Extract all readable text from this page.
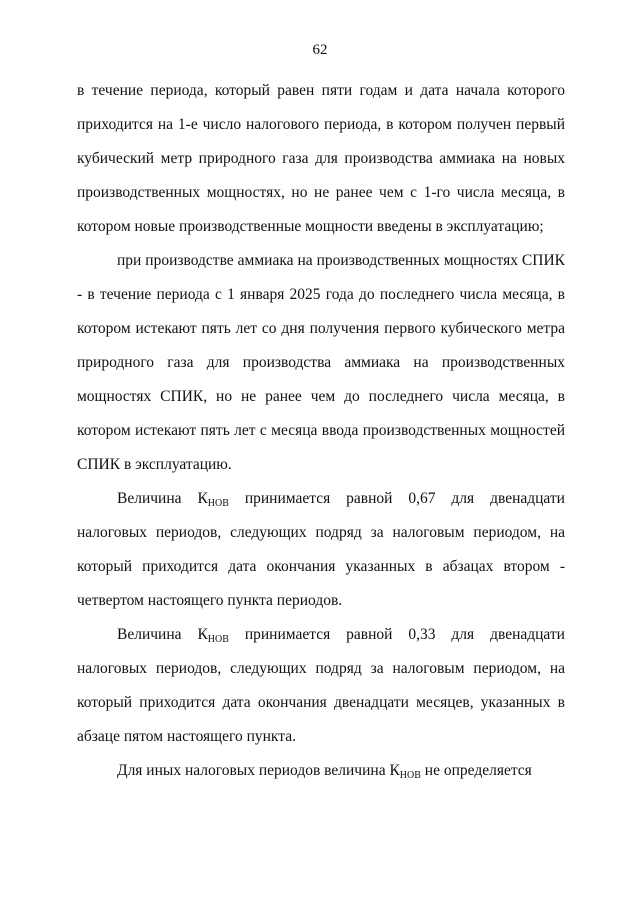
62

в течение периода, который равен пяти годам и дата начала которого приходится на 1-е число налогового периода, в котором получен первый кубический метр природного газа для производства аммиака на новых производственных мощностях, но не ранее чем с 1-го числа месяца, в котором новые производственные мощности введены в эксплуатацию;

при производстве аммиака на производственных мощностях СПИК - в течение периода с 1 января 2025 года до последнего числа месяца, в котором истекают пять лет со дня получения первого кубического метра природного газа для производства аммиака на производственных мощностях СПИК, но не ранее чем до последнего числа месяца, в котором истекают пять лет с месяца ввода производственных мощностей СПИК в эксплуатацию.

Величина $К_{НОВ}$ принимается равной 0,67 для двенадцати налоговых периодов, следующих подряд за налоговым периодом, на который приходится дата окончания указанных в абзацах втором - четвертом настоящего пункта периодов.

Величина $К_{НОВ}$ принимается равной 0,33 для двенадцати налоговых периодов, следующих подряд за налоговым периодом, на который приходится дата окончания двенадцати месяцев, указанных в абзаце пятом настоящего пункта.

Для иных налоговых периодов величина $К_{НОВ}$ не определяется
